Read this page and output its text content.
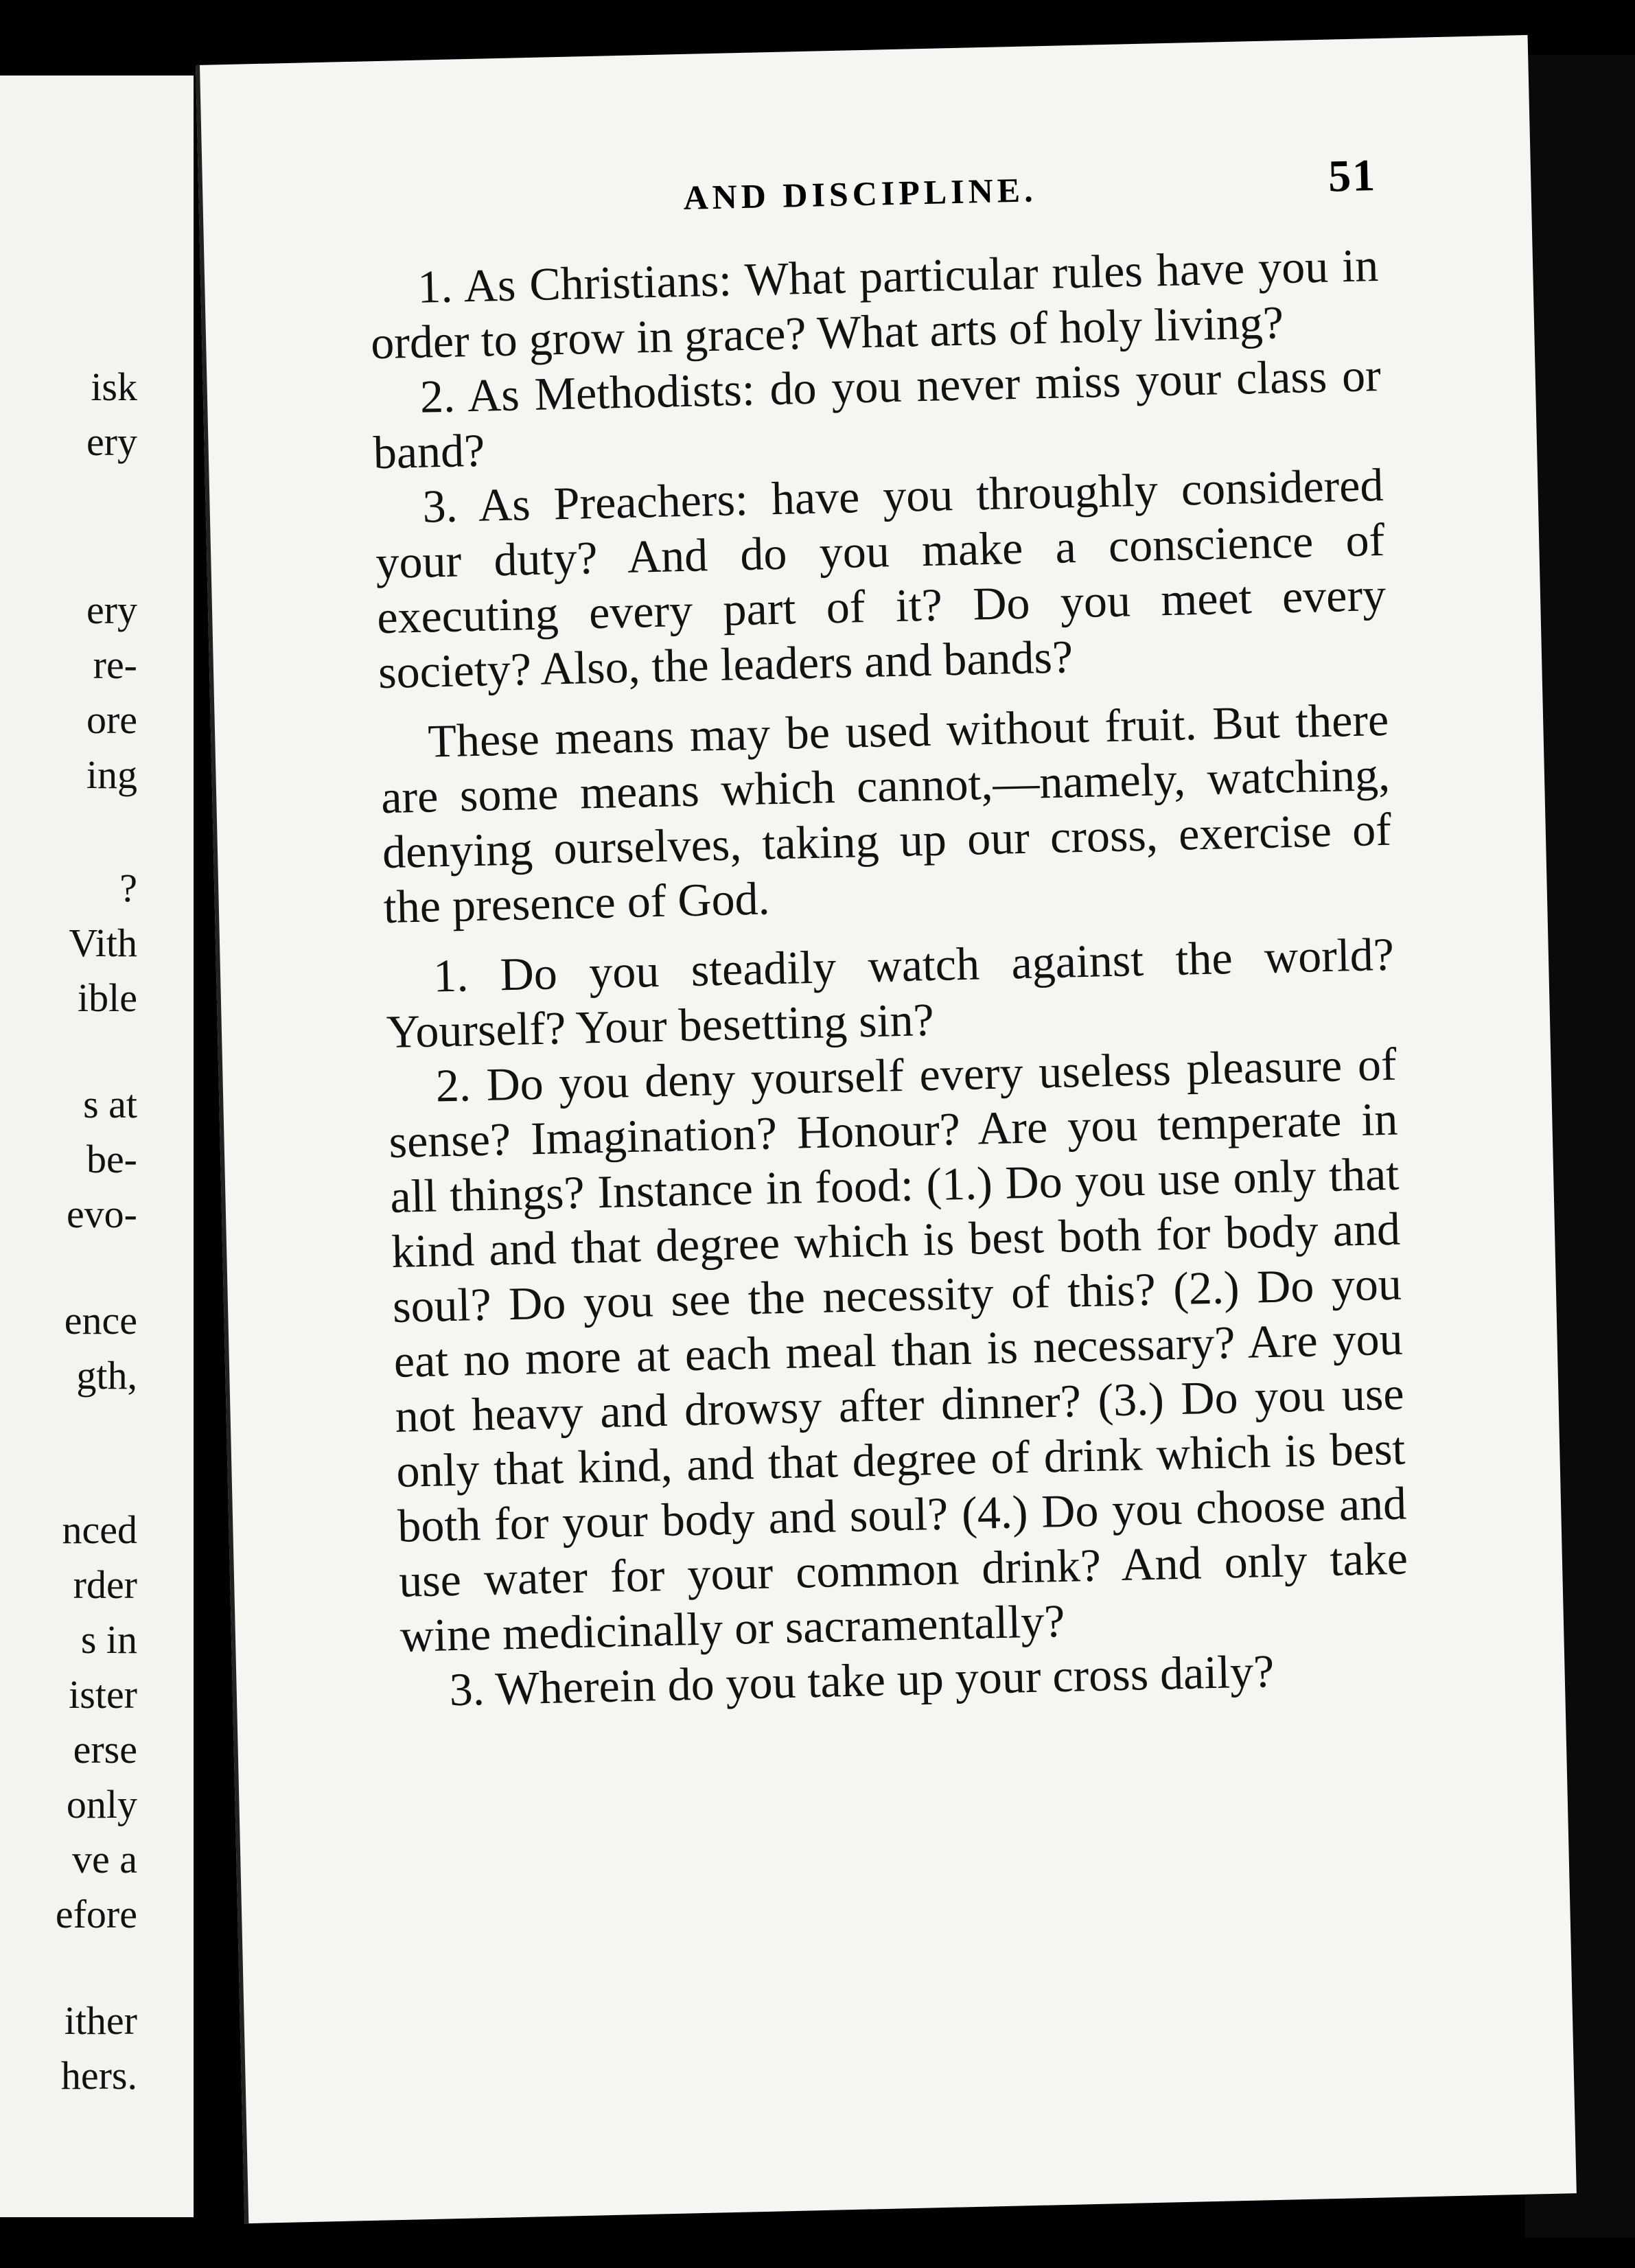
isk
ery
ery
re-
ore
ing
?
Vith
ible
s at
be-
evo-
ence
gth,
nced
rder
s in
ister
erse
only
ve a
efore
ither
hers.
AND DISCIPLINE.	51

1. As Christians: What particular rules have you in order to grow in grace? What arts of holy living?

2. As Methodists: do you never miss your class or band?

3. As Preachers: have you throughly considered your duty? And do you make a conscience of executing every part of it? Do you meet every society? Also, the leaders and bands?

These means may be used without fruit. But there are some means which cannot,—namely, watching, denying ourselves, taking up our cross, exercise of the presence of God.

1. Do you steadily watch against the world? Yourself? Your besetting sin?

2. Do you deny yourself every useless pleasure of sense? Imagination? Honour? Are you temperate in all things? Instance in food: (1.) Do you use only that kind and that degree which is best both for body and soul? Do you see the necessity of this? (2.) Do you eat no more at each meal than is necessary? Are you not heavy and drowsy after dinner? (3.) Do you use only that kind, and that degree of drink which is best both for your body and soul? (4.) Do you choose and use water for your common drink? And only take wine medicinally or sacramentally?

3. Wherein do you take up your cross daily?
